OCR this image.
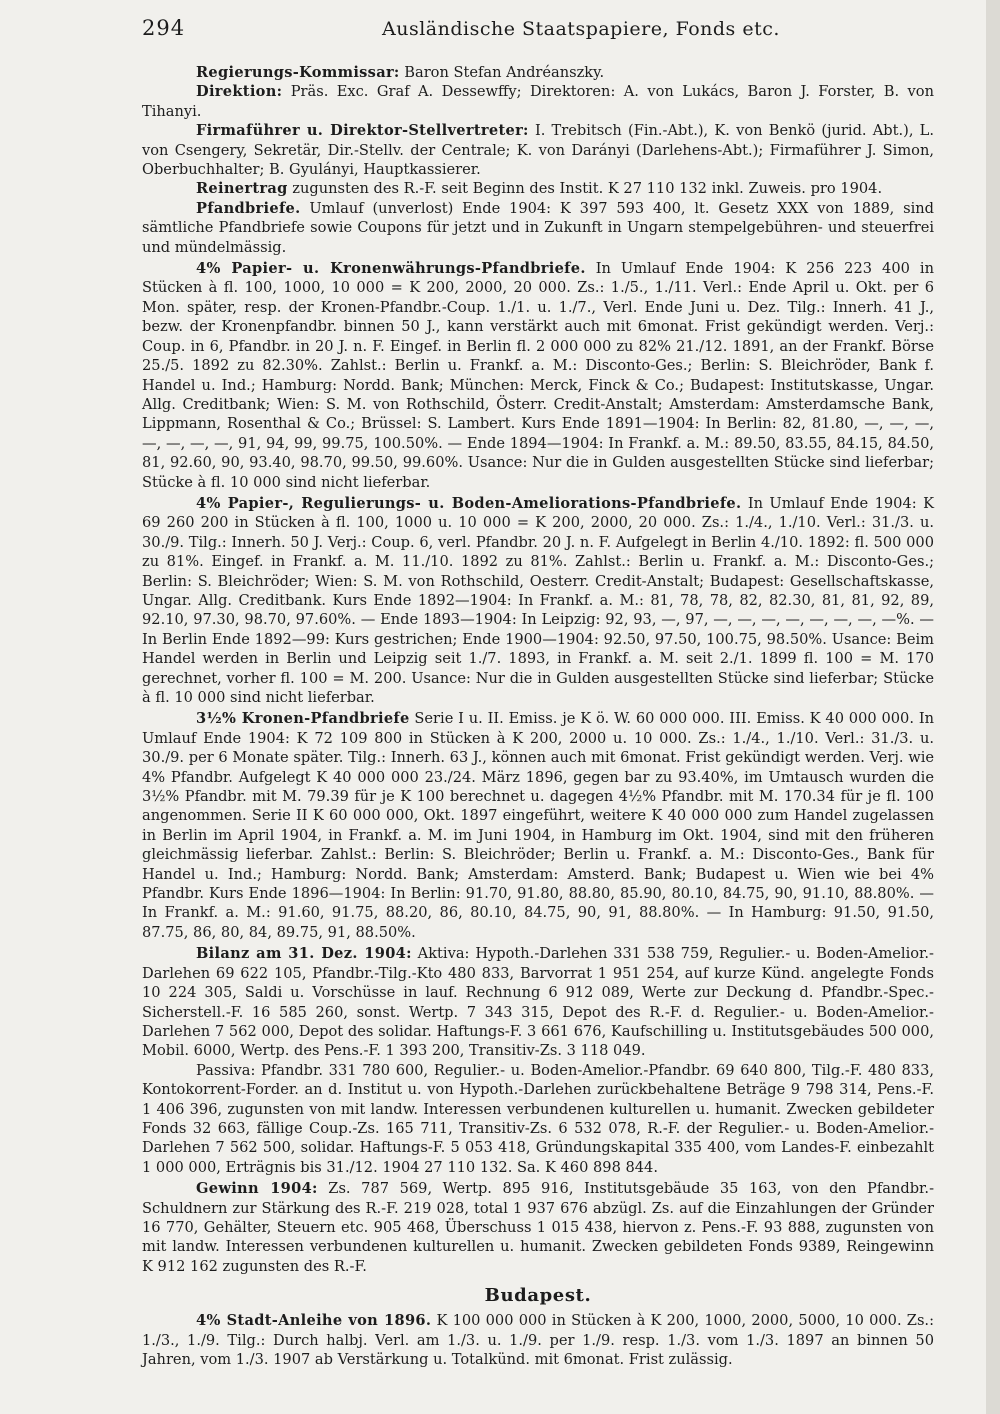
294	Ausländische Staatspapiere, Fonds etc.

Regierungs-Kommissar: Baron Stefan Andréanszky.

Direktion: Präs. Exc. Graf A. Dessewffy; Direktoren: A. von Lukács, Baron J. Forster, B. von Tihanyi.

Firmaführer u. Direktor-Stellvertreter: I. Trebitsch (Fin.-Abt.), K. von Benkö (jurid. Abt.), L. von Csengery, Sekretär, Dir.-Stellv. der Centrale; K. von Darányi (Darlehens-Abt.); Firmaführer J. Simon, Oberbuchhalter; B. Gyulányi, Hauptkassierer.

Reinertrag zugunsten des R.-F. seit Beginn des Instit. K 27 110 132 inkl. Zuweis. pro 1904.

Pfandbriefe. Umlauf (unverlost) Ende 1904: K 397 593 400, lt. Gesetz XXX von 1889, sind sämtliche Pfandbriefe sowie Coupons für jetzt und in Zukunft in Ungarn stempelgebühren- und steuerfrei und mündelmässig.

4% Papier- u. Kronenwährungs-Pfandbriefe. In Umlauf Ende 1904: K 256 223 400 in Stücken à fl. 100, 1000, 10 000 = K 200, 2000, 20 000. Zs.: 1./5., 1./11. Verl.: Ende April u. Okt. per 6 Mon. später, resp. der Kronen-Pfandbr.-Coup. 1./1. u. 1./7., Verl. Ende Juni u. Dez. Tilg.: Innerh. 41 J., bezw. der Kronenpfandbr. binnen 50 J., kann verstärkt auch mit 6monat. Frist gekündigt werden. Verj.: Coup. in 6, Pfandbr. in 20 J. n. F. Eingef. in Berlin fl. 2 000 000 zu 82% 21./12. 1891, an der Frankf. Börse 25./5. 1892 zu 82.30%. Zahlst.: Berlin u. Frankf. a. M.: Disconto-Ges.; Berlin: S. Bleichröder, Bank f. Handel u. Ind.; Hamburg: Nordd. Bank; München: Merck, Finck & Co.; Budapest: Institutskasse, Ungar. Allg. Creditbank; Wien: S. M. von Rothschild, Österr. Credit-Anstalt; Amsterdam: Amsterdamsche Bank, Lippmann, Rosenthal & Co.; Brüssel: S. Lambert. Kurs Ende 1891—1904: In Berlin: 82, 81.80, —, —, —, —, —, —, —, 91, 94, 99, 99.75, 100.50%. — Ende 1894—1904: In Frankf. a. M.: 89.50, 83.55, 84.15, 84.50, 81, 92.60, 90, 93.40, 98.70, 99.50, 99.60%. Usance: Nur die in Gulden ausgestellten Stücke sind lieferbar; Stücke à fl. 10 000 sind nicht lieferbar.

4% Papier-, Regulierungs- u. Boden-Ameliorations-Pfandbriefe. In Umlauf Ende 1904: K 69 260 200 in Stücken à fl. 100, 1000 u. 10 000 = K 200, 2000, 20 000. Zs.: 1./4., 1./10. Verl.: 31./3. u. 30./9. Tilg.: Innerh. 50 J. Verj.: Coup. 6, verl. Pfandbr. 20 J. n. F. Aufgelegt in Berlin 4./10. 1892: fl. 500 000 zu 81%. Eingef. in Frankf. a. M. 11./10. 1892 zu 81%. Zahlst.: Berlin u. Frankf. a. M.: Disconto-Ges.; Berlin: S. Bleichröder; Wien: S. M. von Rothschild, Oesterr. Credit-Anstalt; Budapest: Gesellschaftskasse, Ungar. Allg. Creditbank. Kurs Ende 1892—1904: In Frankf. a. M.: 81, 78, 78, 82, 82.30, 81, 81, 92, 89, 92.10, 97.30, 98.70, 97.60%. — Ende 1893—1904: In Leipzig: 92, 93, —, 97, —, —, —, —, —, —, —, —%. — In Berlin Ende 1892—99: Kurs gestrichen; Ende 1900—1904: 92.50, 97.50, 100.75, 98.50%. Usance: Beim Handel werden in Berlin und Leipzig seit 1./7. 1893, in Frankf. a. M. seit 2./1. 1899 fl. 100 = M. 170 gerechnet, vorher fl. 100 = M. 200. Usance: Nur die in Gulden ausgestellten Stücke sind lieferbar; Stücke à fl. 10 000 sind nicht lieferbar.

3½% Kronen-Pfandbriefe Serie I u. II. Emiss. je K ö. W. 60 000 000. III. Emiss. K 40 000 000. In Umlauf Ende 1904: K 72 109 800 in Stücken à K 200, 2000 u. 10 000. Zs.: 1./4., 1./10. Verl.: 31./3. u. 30./9. per 6 Monate später. Tilg.: Innerh. 63 J., können auch mit 6monat. Frist gekündigt werden. Verj. wie 4% Pfandbr. Aufgelegt K 40 000 000 23./24. März 1896, gegen bar zu 93.40%, im Umtausch wurden die 3½% Pfandbr. mit M. 79.39 für je K 100 berechnet u. dagegen 4½% Pfandbr. mit M. 170.34 für je fl. 100 angenommen. Serie II K 60 000 000, Okt. 1897 eingeführt, weitere K 40 000 000 zum Handel zugelassen in Berlin im April 1904, in Frankf. a. M. im Juni 1904, in Hamburg im Okt. 1904, sind mit den früheren gleichmässig lieferbar. Zahlst.: Berlin: S. Bleichröder; Berlin u. Frankf. a. M.: Disconto-Ges., Bank für Handel u. Ind.; Hamburg: Nordd. Bank; Amsterdam: Amsterd. Bank; Budapest u. Wien wie bei 4% Pfandbr. Kurs Ende 1896—1904: In Berlin: 91.70, 91.80, 88.80, 85.90, 80.10, 84.75, 90, 91.10, 88.80%. — In Frankf. a. M.: 91.60, 91.75, 88.20, 86, 80.10, 84.75, 90, 91, 88.80%. — In Hamburg: 91.50, 91.50, 87.75, 86, 80, 84, 89.75, 91, 88.50%.

Bilanz am 31. Dez. 1904: Aktiva: Hypoth.-Darlehen 331 538 759, Regulier.- u. Boden-Amelior.-Darlehen 69 622 105, Pfandbr.-Tilg.-Kto 480 833, Barvorrat 1 951 254, auf kurze Künd. angelegte Fonds 10 224 305, Saldi u. Vorschüsse in lauf. Rechnung 6 912 089, Werte zur Deckung d. Pfandbr.-Spec.-Sicherstell.-F. 16 585 260, sonst. Wertp. 7 343 315, Depot des R.-F. d. Regulier.- u. Boden-Amelior.-Darlehen 7 562 000, Depot des solidar. Haftungs-F. 3 661 676, Kaufschilling u. Institutsgebäudes 500 000, Mobil. 6000, Wertp. des Pens.-F. 1 393 200, Transitiv-Zs. 3 118 049.

Passiva: Pfandbr. 331 780 600, Regulier.- u. Boden-Amelior.-Pfandbr. 69 640 800, Tilg.-F. 480 833, Kontokorrent-Forder. an d. Institut u. von Hypoth.-Darlehen zurückbehaltene Beträge 9 798 314, Pens.-F. 1 406 396, zugunsten von mit landw. Interessen verbundenen kulturellen u. humanit. Zwecken gebildeter Fonds 32 663, fällige Coup.-Zs. 165 711, Transitiv-Zs. 6 532 078, R.-F. der Regulier.- u. Boden-Amelior.-Darlehen 7 562 500, solidar. Haftungs-F. 5 053 418, Gründungskapital 335 400, vom Landes-F. einbezahlt 1 000 000, Erträgnis bis 31./12. 1904 27 110 132. Sa. K 460 898 844.

Gewinn 1904: Zs. 787 569, Wertp. 895 916, Institutsgebäude 35 163, von den Pfandbr.-Schuldnern zur Stärkung des R.-F. 219 028, total 1 937 676 abzügl. Zs. auf die Einzahlungen der Gründer 16 770, Gehälter, Steuern etc. 905 468, Überschuss 1 015 438, hiervon z. Pens.-F. 93 888, zugunsten von mit landw. Interessen verbundenen kulturellen u. humanit. Zwecken gebildeten Fonds 9389, Reingewinn K 912 162 zugunsten des R.-F.

Budapest.

4% Stadt-Anleihe von 1896. K 100 000 000 in Stücken à K 200, 1000, 2000, 5000, 10 000. Zs.: 1./3., 1./9. Tilg.: Durch halbj. Verl. am 1./3. u. 1./9. per 1./9. resp. 1./3. vom 1./3. 1897 an binnen 50 Jahren, vom 1./3. 1907 ab Verstärkung u. Totalkünd. mit 6monat. Frist zulässig.
